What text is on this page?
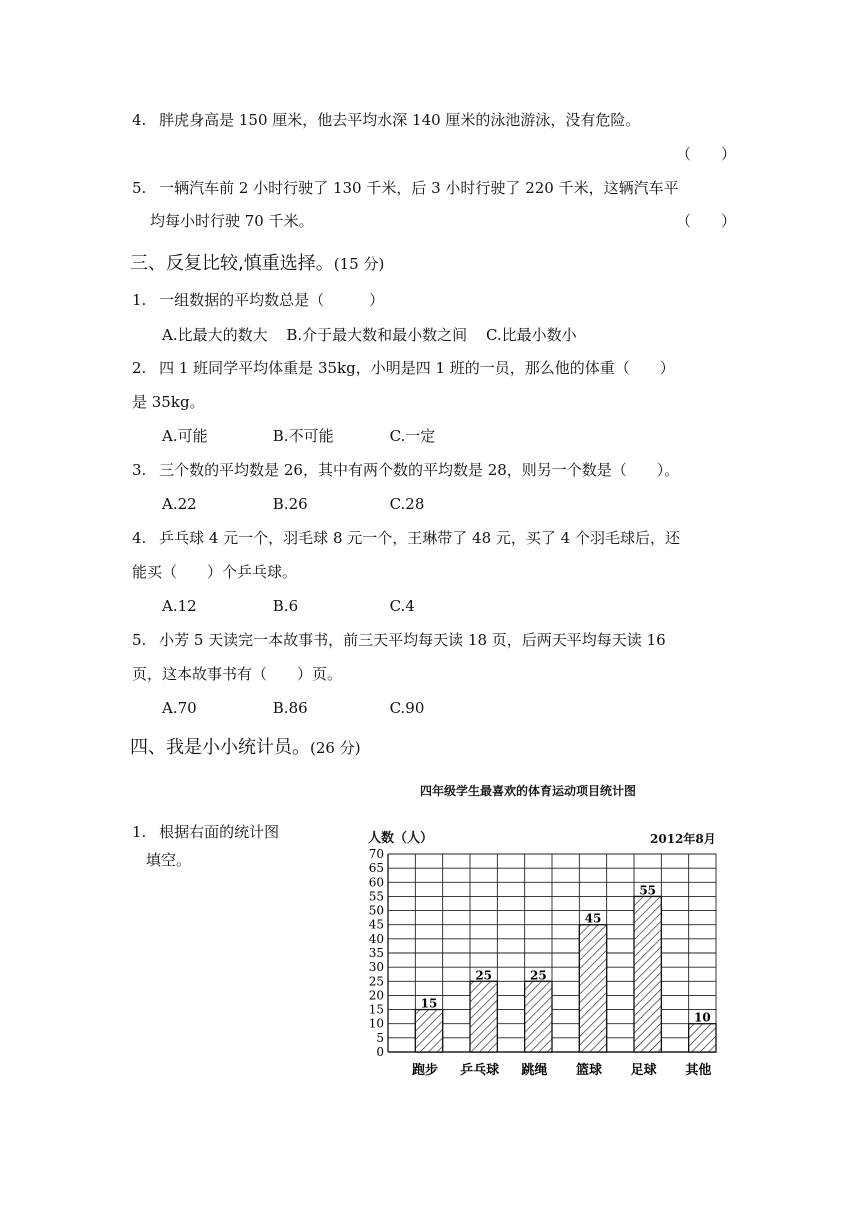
4. 胖虎身高是 150 厘米，他去平均水深 140 厘米的泳池游泳，没有危险。
（　　）
5. 一辆汽车前 2 小时行驶了 130 千米，后 3 小时行驶了 220 千米，这辆汽车平
均每小时行驶 70 千米。	（　　）
三、反复比较,慎重选择。(15 分)
1. 一组数据的平均数总是（　　　）
A.比最大的数大 B.介于最大数和最小数之间 C.比最小数小
2. 四 1 班同学平均体重是 35kg，小明是四 1 班的一员，那么他的体重（　　）
是 35kg。
A.可能	B.不可能	C.一定
3. 三个数的平均数是 26，其中有两个数的平均数是 28，则另一个数是（　　）。
A.22	B.26	C.28
4. 乒乓球 4 元一个，羽毛球 8 元一个，王琳带了 48 元，买了 4 个羽毛球后，还
能买（　　）个乒乓球。
A.12	B.6	C.4
5. 小芳 5 天读完一本故事书，前三天平均每天读 18 页，后两天平均每天读 16
页，这本故事书有（　　）页。
A.70	B.86	C.90
四、我是小小统计员。(26 分)
1. 根据右面的统计图
填空。
四年级学生最喜欢的体育运动项目统计图
人数（人）	2012年8月
0
5
10
15
20
25
30
35
40
45
50
55
60
65
70
15
跑步
25
乒乓球
25
跳绳
45
篮球
55
足球
10
其他
